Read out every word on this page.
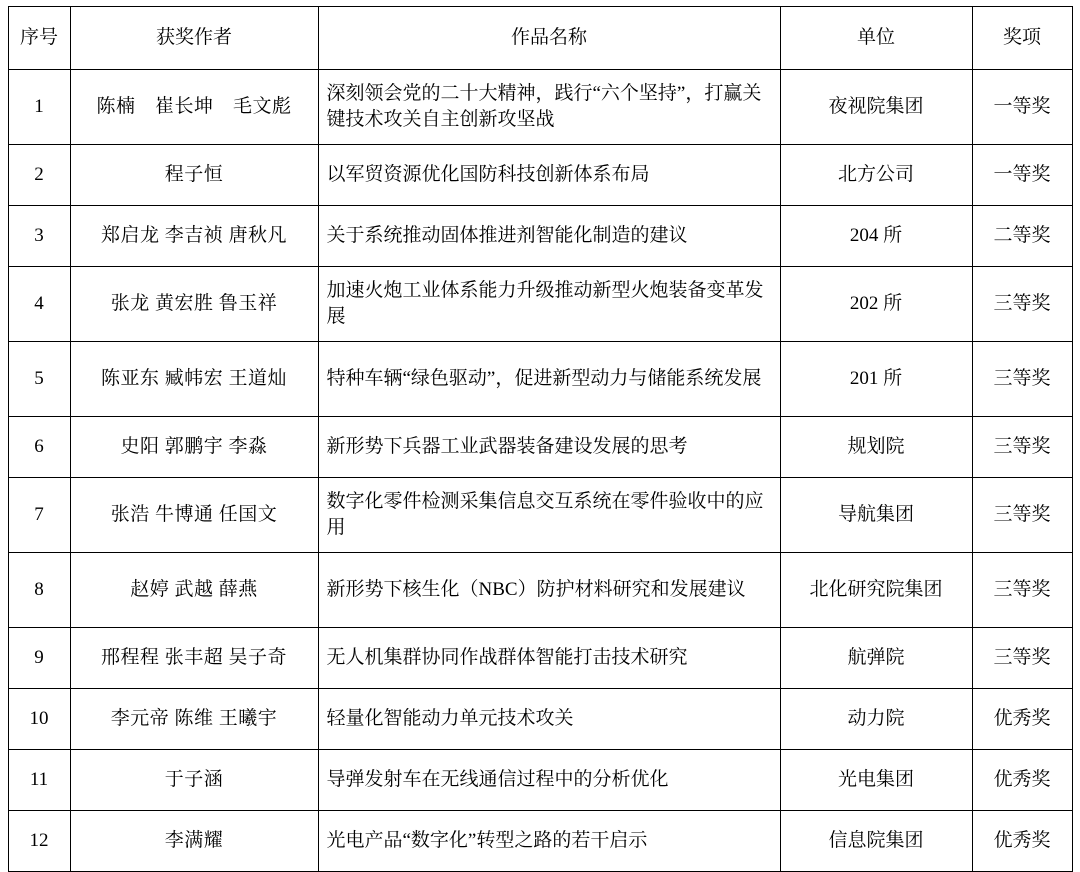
序号	获奖作者	作品名称	单位	奖项
1	陈楠　崔长坤　毛文彪	深刻领会党的二十大精神，践行“六个坚持”，打赢关键技术攻关自主创新攻坚战	夜视院集团	一等奖
2	程子恒	以军贸资源优化国防科技创新体系布局	北方公司	一等奖
3	郑启龙 李吉祯 唐秋凡	关于系统推动固体推进剂智能化制造的建议	204 所	二等奖
4	张龙 黄宏胜 鲁玉祥	加速火炮工业体系能力升级推动新型火炮装备变革发展	202 所	三等奖
5	陈亚东 臧帏宏 王道灿	特种车辆“绿色驱动”，促进新型动力与储能系统发展	201 所	三等奖
6	史阳 郭鹏宇 李淼	新形势下兵器工业武器装备建设发展的思考	规划院	三等奖
7	张浩 牛博通 任国文	数字化零件检测采集信息交互系统在零件验收中的应用	导航集团	三等奖
8	赵婷 武越 薛燕	新形势下核生化（NBC）防护材料研究和发展建议	北化研究院集团	三等奖
9	邢程程 张丰超 吴子奇	无人机集群协同作战群体智能打击技术研究	航弹院	三等奖
10	李元帝 陈维 王曦宇	轻量化智能动力单元技术攻关	动力院	优秀奖
11	于子涵	导弹发射车在无线通信过程中的分析优化	光电集团	优秀奖
12	李满耀	光电产品“数字化”转型之路的若干启示	信息院集团	优秀奖
